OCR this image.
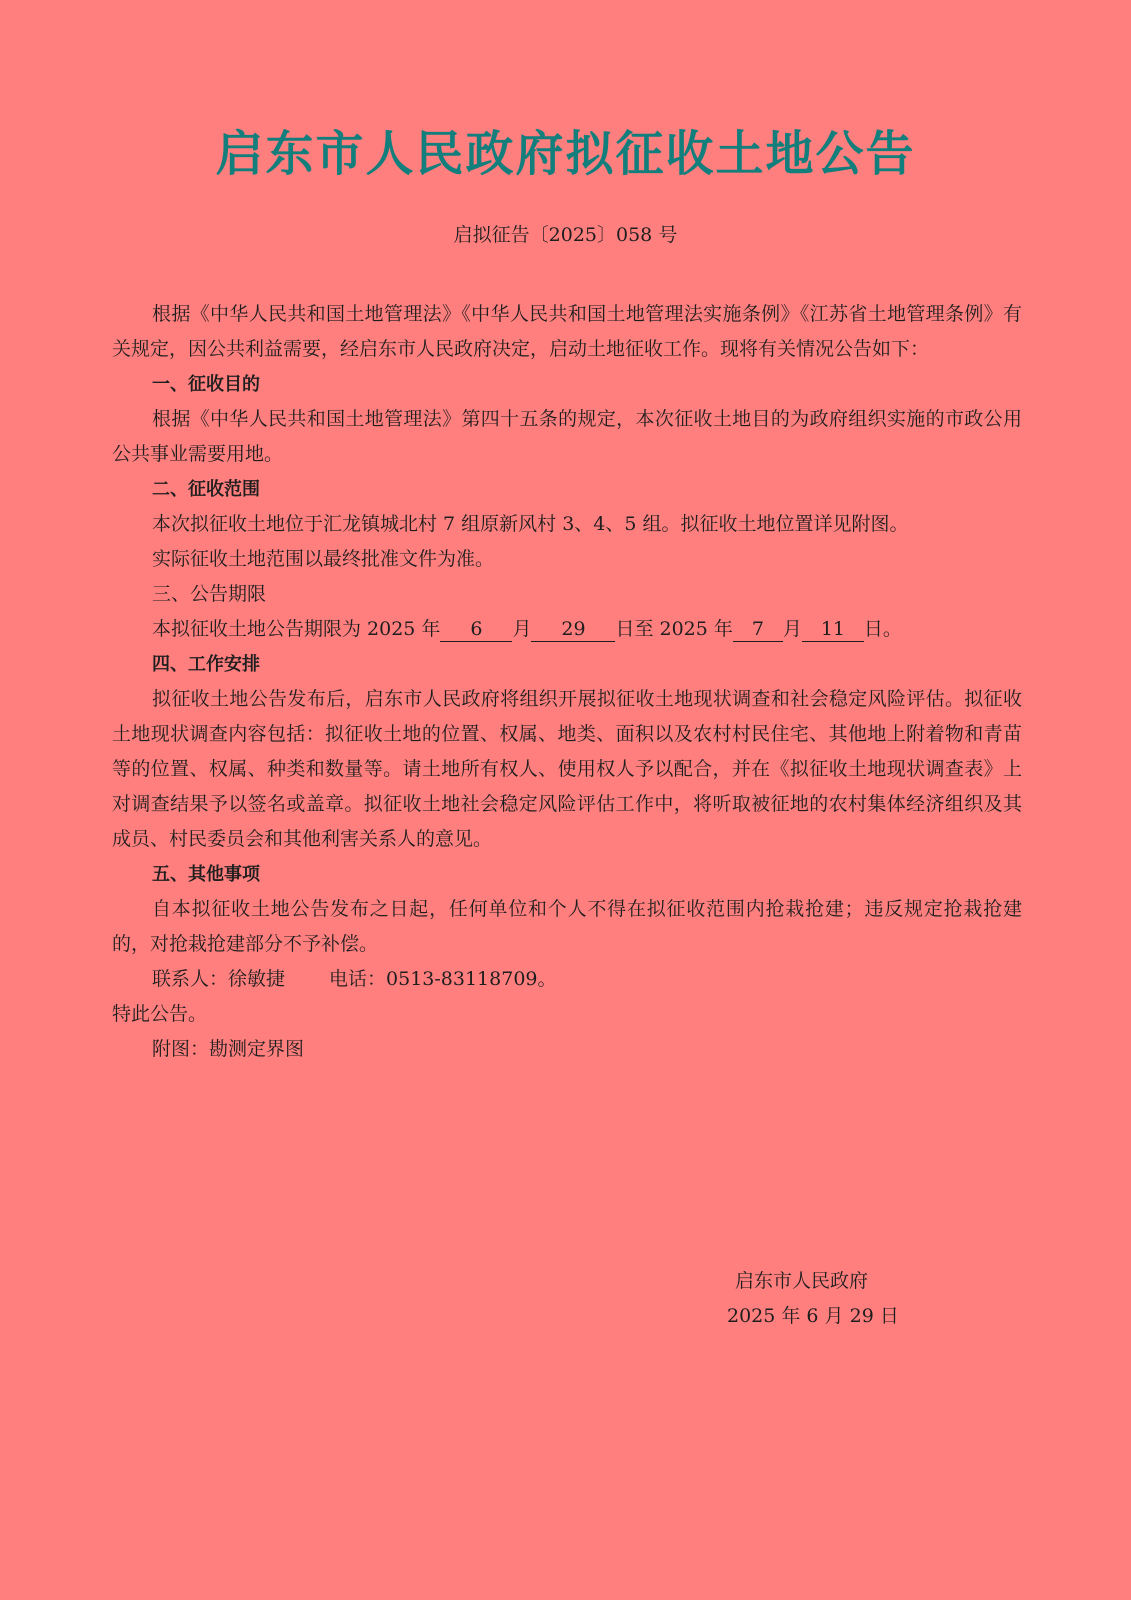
启东市人民政府拟征收土地公告
启拟征告〔2025〕058 号

根据《中华人民共和国土地管理法》《中华人民共和国土地管理法实施条例》《江苏省土地管理条例》有关规定，因公共利益需要，经启东市人民政府决定，启动土地征收工作。现将有关情况公告如下：

一、征收目的

根据《中华人民共和国土地管理法》第四十五条的规定，本次征收土地目的为政府组织实施的市政公用公共事业需要用地。

二、征收范围

本次拟征收土地位于汇龙镇城北村 7 组原新风村 3、4、5 组。拟征收土地位置详见附图。

实际征收土地范围以最终批准文件为准。

三、公告期限

本拟征收土地公告期限为 2025 年 6 月 29 日至 2025 年 7 月 11 日。

四、工作安排

拟征收土地公告发布后，启东市人民政府将组织开展拟征收土地现状调查和社会稳定风险评估。拟征收土地现状调查内容包括：拟征收土地的位置、权属、地类、面积以及农村村民住宅、其他地上附着物和青苗等的位置、权属、种类和数量等。请土地所有权人、使用权人予以配合，并在《拟征收土地现状调查表》上对调查结果予以签名或盖章。拟征收土地社会稳定风险评估工作中，将听取被征地的农村集体经济组织及其成员、村民委员会和其他利害关系人的意见。

五、其他事项

自本拟征收土地公告发布之日起，任何单位和个人不得在拟征收范围内抢栽抢建；违反规定抢栽抢建的，对抢栽抢建部分不予补偿。

联系人：徐敏捷 电话：0513-83118709。

特此公告。

附图：勘测定界图

启东市人民政府
2025 年 6 月 29 日
